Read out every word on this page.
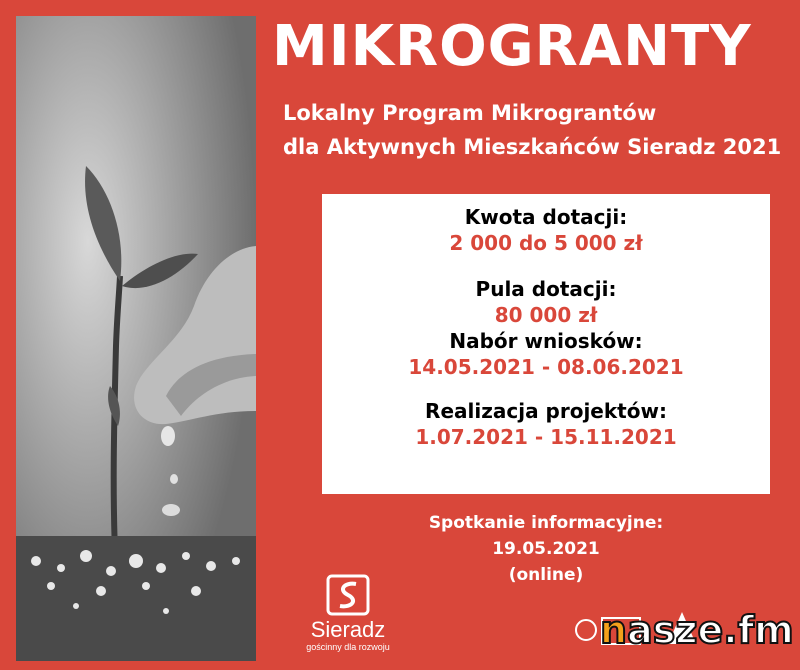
MIKROGRANTY
Lokalny Program Mikrograntów
dla Aktywnych Mieszkańców Sieradz 2021
Kwota dotacji:
2 000 do 5 000 zł
Pula dotacji:
80 000 zł
Nabór wniosków:
14.05.2021 - 08.06.2021
Realizacja projektów:
1.07.2021 - 15.11.2021
Spotkanie informacyjne:
19.05.2021
(online)
Sieradz
gościnny dla rozwoju	nasze.fm
